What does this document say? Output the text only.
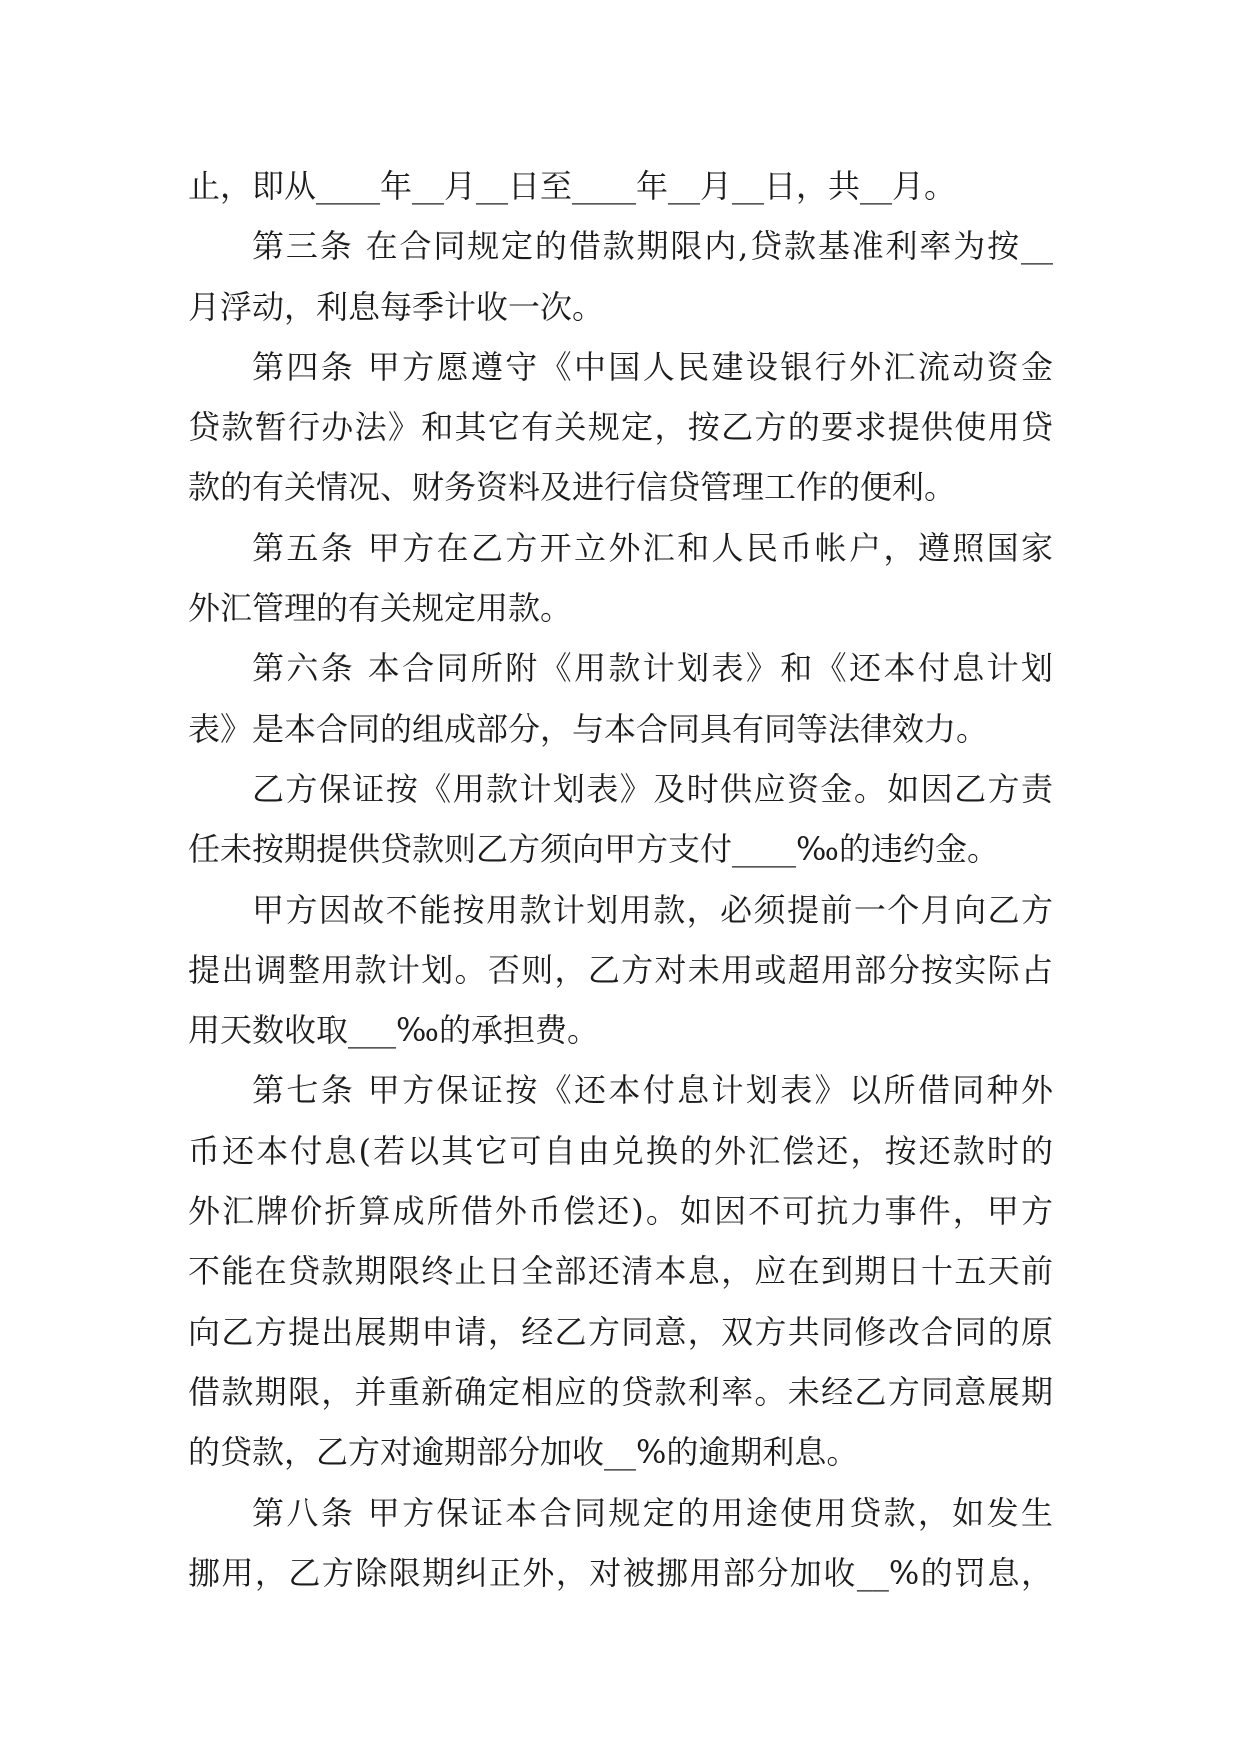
止，即从____年__月__日至____年__月__日，共__月。
第三条 在合同规定的借款期限内,贷款基准利率为按__
月浮动，利息每季计收一次。
第四条 甲方愿遵守《中国人民建设银行外汇流动资金
贷款暂行办法》和其它有关规定，按乙方的要求提供使用贷
款的有关情况、财务资料及进行信贷管理工作的便利。
第五条 甲方在乙方开立外汇和人民币帐户，遵照国家
外汇管理的有关规定用款。
第六条 本合同所附《用款计划表》和《还本付息计划
表》是本合同的组成部分，与本合同具有同等法律效力。
乙方保证按《用款计划表》及时供应资金。如因乙方责
任未按期提供贷款则乙方须向甲方支付____‰的违约金。
甲方因故不能按用款计划用款，必须提前一个月向乙方
提出调整用款计划。否则，乙方对未用或超用部分按实际占
用天数收取___‰的承担费。
第七条 甲方保证按《还本付息计划表》以所借同种外
币还本付息(若以其它可自由兑换的外汇偿还，按还款时的
外汇牌价折算成所借外币偿还)。如因不可抗力事件，甲方
不能在贷款期限终止日全部还清本息，应在到期日十五天前
向乙方提出展期申请，经乙方同意，双方共同修改合同的原
借款期限，并重新确定相应的贷款利率。未经乙方同意展期
的贷款，乙方对逾期部分加收__%的逾期利息。
第八条 甲方保证本合同规定的用途使用贷款，如发生
挪用，乙方除限期纠正外，对被挪用部分加收__%的罚息，
